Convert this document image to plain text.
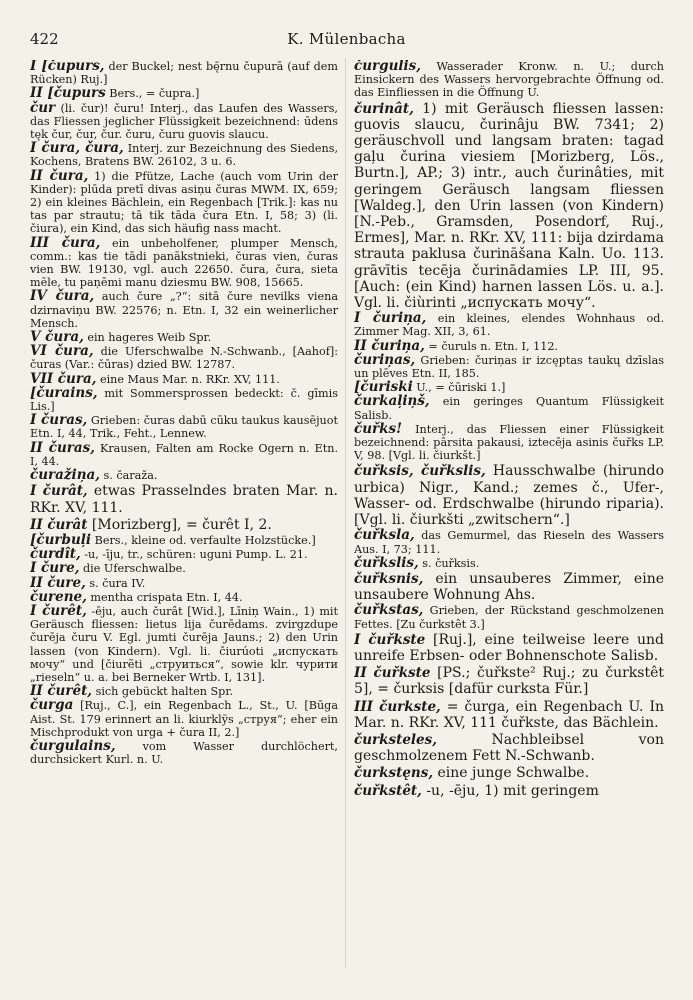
422	K. Mülenbacha
I [čupurs, der Buckel; nest bę̄rnu čupurā (auf dem Rücken) Ruj.]
II [čupurs Bers., = čupra.]
čur (li. čur)! čuru! Interj., das Laufen des Wassers, das Fliessen jeglicher Flüssigkeit bezeichnend: ūdens tęk čur, čur, čur. čuru, čuru guovis slaucu.
I čura, čura, Interj. zur Bezeichnung des Siedens, Kochens, Bratens BW. 26102, 3 u. 6.
II čura, 1) die Pfütze, Lache (auch vom Urin der Kinder): plūda pretī divas asiņu čuras MWM. IX, 659; 2) ein kleines Bächlein, ein Regenbach [Trik.]: kas nu tas par strautu; tā tik tāda čura Etn. I, 58; 3) (li. čiura), ein Kind, das sich häufig nass macht.
III čura, ein unbeholfener, plumper Mensch, comm.: kas tie tādi panākstnieki, čuras vien, čuras vien BW. 19130, vgl. auch 22650. čura, čura, sieta mēle, tu paņēmi manu dziesmu BW. 908, 15665.
IV čura, auch čure „?“: sitā čure nevilks viena dzirnaviņu BW. 22576; n. Etn. I, 32 ein weinerlicher Mensch.
V čura, ein hageres Weib Spr.
VI čura, die Uferschwalbe N.-Schwanb., [Aahof]: čuras (Var.: čūras) dzied BW. 12787.
VII čura, eine Maus Mar. n. RKr. XV, 111.
[čurains, mit Sommersprossen bedeckt: č. gīmis Lis.]
I čuras, Grieben: čuras dabū cūku taukus kausējuot Etn. I, 44, Trik., Feht., Lennew.
II čuras, Krausen, Falten am Rocke Ogern n. Etn. I, 44.
čuražiņa, s. čaraža.
I čurât, etwas Prasselndes braten Mar. n. RKr. XV, 111.
II čurât [Morizberg], = čurêt I, 2.
[čurbuļi Bers., kleine od. verfaulte Holzstücke.]
čurdît, -u, -īju, tr., schüren: uguni Pump. L. 21.
I čure, die Uferschwalbe.
II čure, s. čura IV.
čurene, mentha crispata Etn. I, 44.
I čurêt, -ēju, auch čurât [Wid.], Līniņ Wain., 1) mit Geräusch fliessen: lietus lija čurēdams. zvirgzdupe čurēja čuru V. Egl. jumti čurēja Jauns.; 2) den Urin lassen (von Kindern). Vgl. li. čiurúoti „испускать мочу“ und [čiurẽti „струиться“, sowie klr. чурити „rieseln“ u. a. bei Berneker Wrtb. I, 131].
II čurêt, sich gebückt halten Spr.
čurga [Ruj., C.], ein Regenbach L., St., U. [Būga Aist. St. 179 erinnert an li. kiurklỹs „струя“; eher ein Mischprodukt von urga + čura II, 2.]
čurgulains, vom Wasser durchlöchert, durchsickert Kurl. n. U.
čurgulis, Wasserader Kronw. n. U.; durch Einsickern des Wassers hervorgebrachte Öffnung od. das Einfliessen in die Öffnung U.
čurinât, 1) mit Geräusch fliessen lassen: guovis slaucu, čurinâju BW. 7341; 2) geräuschvoll und langsam braten: tagad gaļu čurina viesiem [Morizberg, Lös., Burtn.], AP.; 3) intr., auch čurinâties, mit geringem Geräusch langsam fliessen [Waldeg.], den Urin lassen (von Kindern) [N.-Peb., Gramsden, Posendorf, Ruj., Ermes], Mar. n. RKr. XV, 111: bija dzirdama strauta paklusa čurināšana Kaln. Uo. 113. grāvītis tecēja čurinādamies LP. III, 95. [Auch: (ein Kind) harnen lassen Lös. u. a.]. Vgl. li. čiùrinti „испускать мочу“.
I čuriņa, ein kleines, elendes Wohnhaus od. Zimmer Mag. XII, 3, 61.
II čuriņa, = čuruls n. Etn. I, 112.
čuriņas, Grieben: čuriņas ir izcęptas taukų dzīslas un plēves Etn. II, 185.
[čuriski U., = čūriski 1.]
čurkaļiņš, ein geringes Quantum Flüssigkeit Salisb.
čuřks! Interj., das Fliessen einer Flüssigkeit bezeichnend: pārsita pakausi, iztecēja asinis čuřks LP. V, 98. [Vgl. li. čiurkšt.]
čuřksis, čuřkslis, Hausschwalbe (hirundo urbica) Nigr., Kand.; zemes č., Ufer-, Wasser- od. Erdschwalbe (hirundo riparia). [Vgl. li. čiurkšti „zwitschern“.]
čuřksla, das Gemurmel, das Rieseln des Wassers Aus. I, 73; 111.
čuřkslis, s. čuřksis.
čuřksnis, ein unsauberes Zimmer, eine unsaubere Wohnung Ahs.
čuřkstas, Grieben, der Rückstand geschmolzenen Fettes. [Zu čurkstêt 3.]
I čuřkste [Ruj.], eine teilweise leere und unreife Erbsen- oder Bohnenschote Salisb.
II čuřkste [PS.; čuřkste² Ruj.; zu čurkstêt 5], = čurksis [dafür curksta Für.]
III čurkste, = čurga, ein Regenbach U. In Mar. n. RKr. XV, 111 čuřkste, das Bächlein.
čurksteles, Nachbleibsel von geschmolzenem Fett N.-Schwanb.
čurkstęns, eine junge Schwalbe.
čuřkstêt, -u, -ēju, 1) mit geringem
